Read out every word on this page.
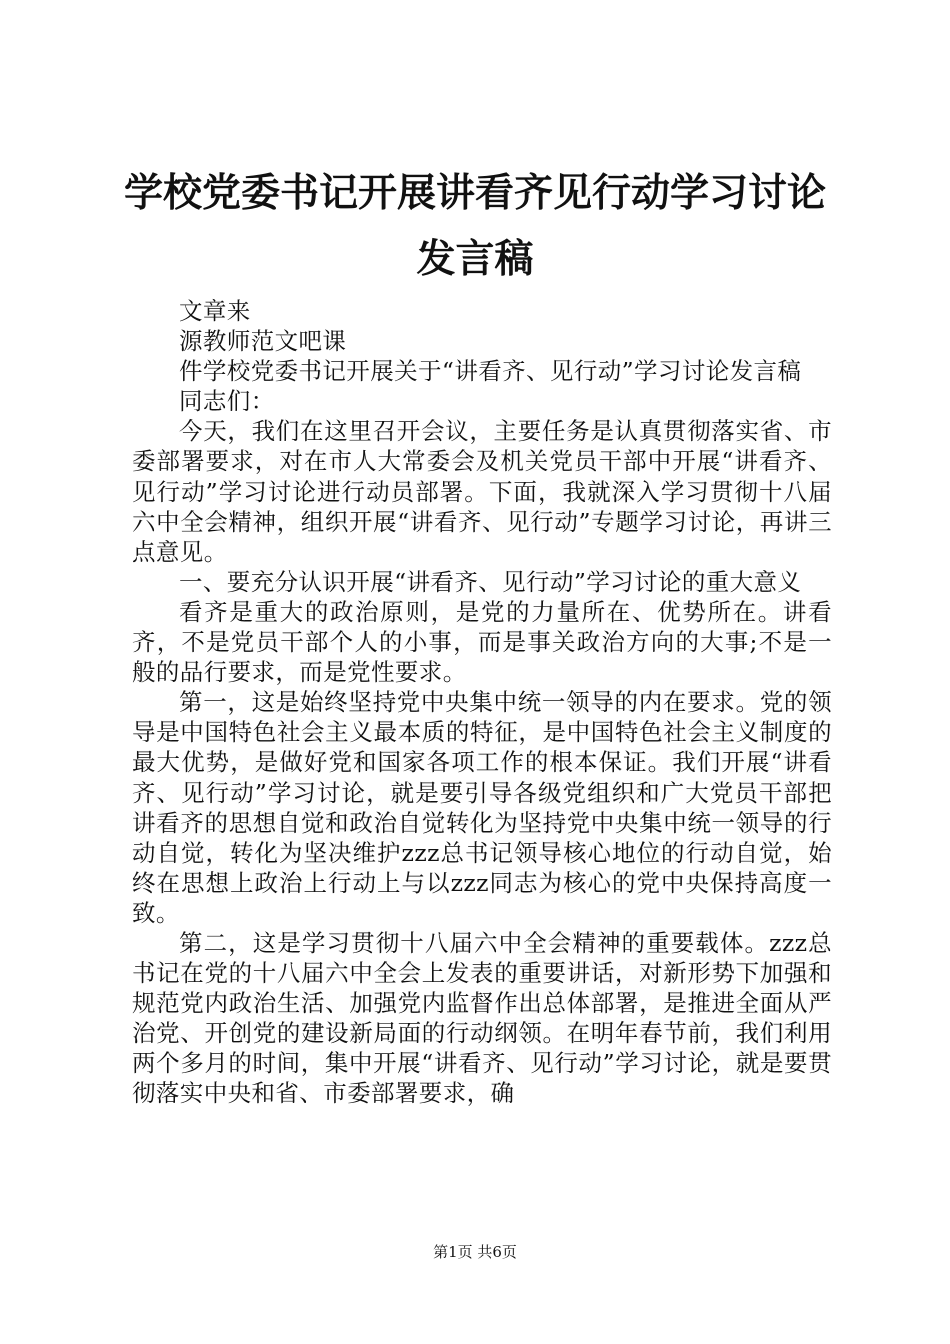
学校党委书记开展讲看齐见行动学习讨论发言稿

文章来

源教师范文吧课

件学校党委书记开展关于“讲看齐、见行动”学习讨论发言稿

同志们：

今天，我们在这里召开会议，主要任务是认真贯彻落实省、市委部署要求，对在市人大常委会及机关党员干部中开展“讲看齐、见行动”学习讨论进行动员部署。下面，我就深入学习贯彻十八届六中全会精神，组织开展“讲看齐、见行动”专题学习讨论，再讲三点意见。

一、要充分认识开展“讲看齐、见行动”学习讨论的重大意义

看齐是重大的政治原则，是党的力量所在、优势所在。讲看齐，不是党员干部个人的小事，而是事关政治方向的大事;不是一般的品行要求，而是党性要求。

第一，这是始终坚持党中央集中统一领导的内在要求。党的领导是中国特色社会主义最本质的特征，是中国特色社会主义制度的最大优势，是做好党和国家各项工作的根本保证。我们开展“讲看齐、见行动”学习讨论，就是要引导各级党组织和广大党员干部把讲看齐的思想自觉和政治自觉转化为坚持党中央集中统一领导的行动自觉，转化为坚决维护zzz总书记领导核心地位的行动自觉，始终在思想上政治上行动上与以zzz同志为核心的党中央保持高度一致。

第二，这是学习贯彻十八届六中全会精神的重要载体。zzz总书记在党的十八届六中全会上发表的重要讲话，对新形势下加强和规范党内政治生活、加强党内监督作出总体部署，是推进全面从严治党、开创党的建设新局面的行动纲领。在明年春节前，我们利用两个多月的时间，集中开展“讲看齐、见行动”学习讨论，就是要贯彻落实中央和省、市委部署要求，确

第1页 共6页
